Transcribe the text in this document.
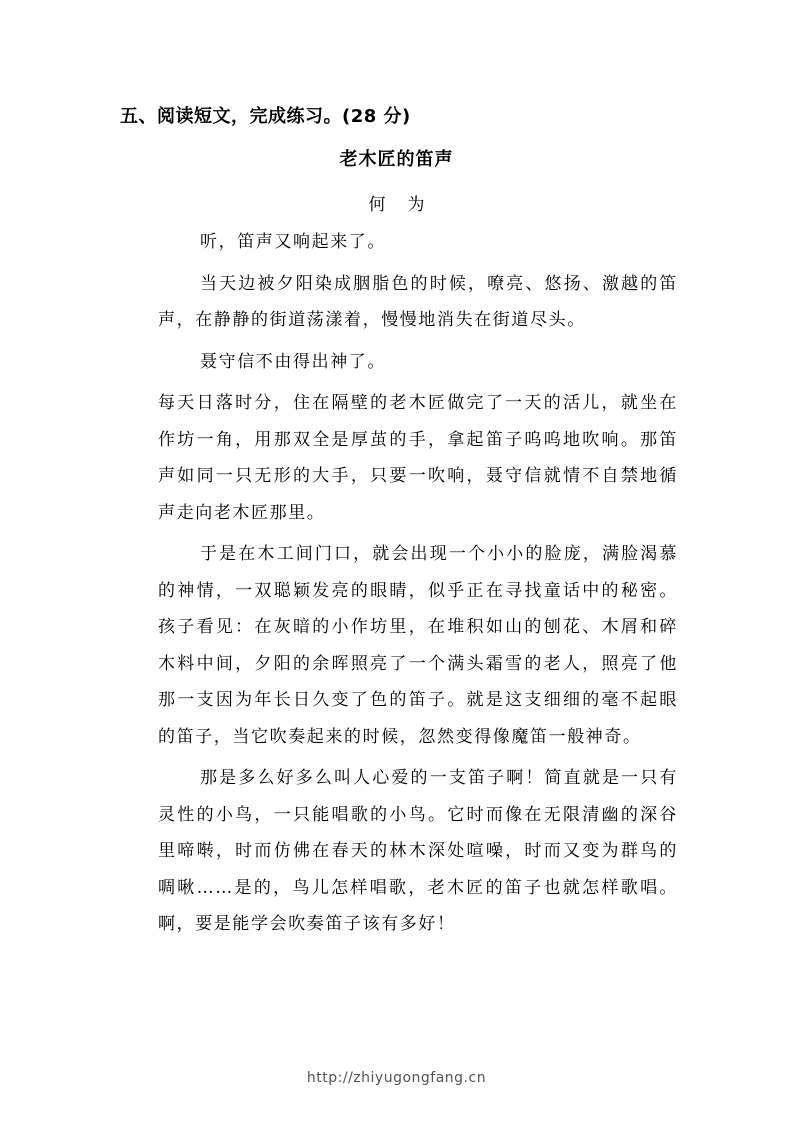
五、阅读短文，完成练习。(28 分)
老木匠的笛声
何为

听，笛声又响起来了。

当天边被夕阳染成胭脂色的时候，嘹亮、悠扬、激越的笛声，在静静的街道荡漾着，慢慢地消失在街道尽头。

聂守信不由得出神了。

每天日落时分，住在隔壁的老木匠做完了一天的活儿，就坐在作坊一角，用那双全是厚茧的手，拿起笛子呜呜地吹响。那笛声如同一只无形的大手，只要一吹响，聂守信就情不自禁地循声走向老木匠那里。

于是在木工间门口，就会出现一个小小的脸庞，满脸渴慕的神情，一双聪颖发亮的眼睛，似乎正在寻找童话中的秘密。孩子看见：在灰暗的小作坊里，在堆积如山的刨花、木屑和碎木料中间，夕阳的余晖照亮了一个满头霜雪的老人，照亮了他那一支因为年长日久变了色的笛子。就是这支细细的毫不起眼的笛子，当它吹奏起来的时候，忽然变得像魔笛一般神奇。

那是多么好多么叫人心爱的一支笛子啊！简直就是一只有灵性的小鸟，一只能唱歌的小鸟。它时而像在无限清幽的深谷里啼啭，时而仿佛在春天的林木深处喧噪，时而又变为群鸟的啁啾……是的，鸟儿怎样唱歌，老木匠的笛子也就怎样歌唱。啊，要是能学会吹奏笛子该有多好！

http://zhiyugongfang.cn
